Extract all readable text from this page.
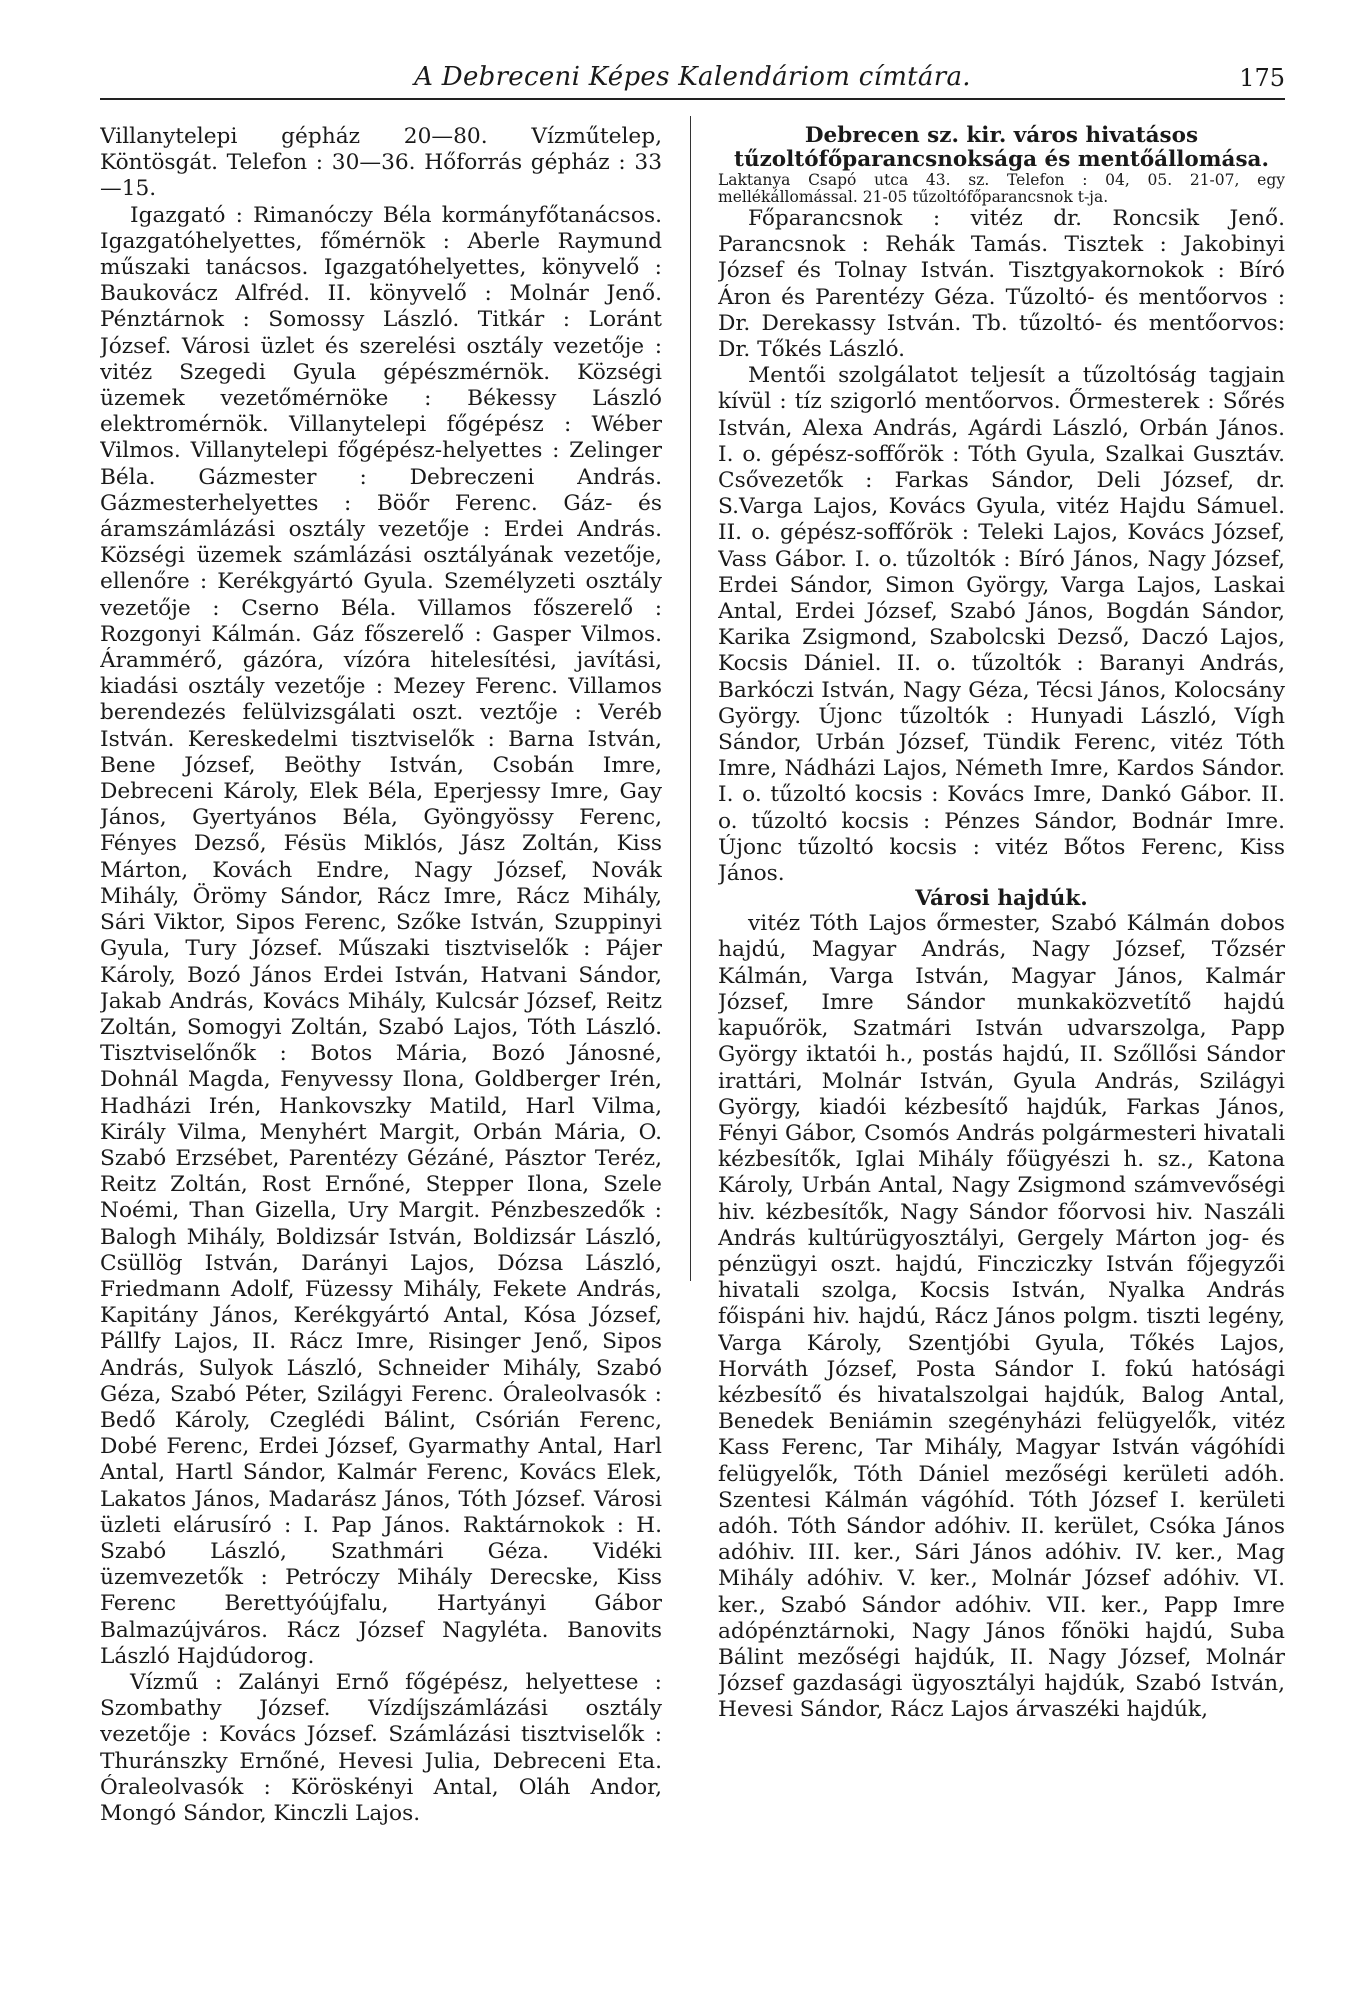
A Debreceni Képes Kalendáriom címtára.	175

Villanytelepi gépház 20—80. Vízműtelep, Köntösgát. Telefon : 30—36. Hőforrás gépház : 33—15.

Igazgató : Rimanóczy Béla kormányfőtanácsos. Igazgatóhelyettes, főmérnök : Aberle Raymund műszaki tanácsos. Igazgatóhelyettes, könyvelő : Baukovácz Alfréd. II. könyvelő : Molnár Jenő. Pénztárnok : Somossy László. Titkár : Loránt József. Városi üzlet és szerelési osztály vezetője : vitéz Szegedi Gyula gépészmérnök. Községi üzemek vezetőmérnöke : Békessy László elektromérnök. Villanytelepi főgépész : Wéber Vilmos. Villanytelepi főgépész-helyettes : Zelinger Béla. Gázmester : Debreczeni András. Gázmesterhelyettes : Böőr Ferenc. Gáz- és áramszámlázási osztály vezetője : Erdei András. Községi üzemek számlázási osztályának vezetője, ellenőre : Kerékgyártó Gyula. Személyzeti osztály vezetője : Cserno Béla. Villamos főszerelő : Rozgonyi Kálmán. Gáz főszerelő : Gasper Vilmos. Árammérő, gázóra, vízóra hitelesítési, javítási, kiadási osztály vezetője : Mezey Ferenc. Villamos berendezés felülvizsgálati oszt. veztője : Veréb István. Kereskedelmi tisztviselők : Barna István, Bene József, Beöthy István, Csobán Imre, Debreceni Károly, Elek Béla, Eperjessy Imre, Gay János, Gyertyános Béla, Gyöngyössy Ferenc, Fényes Dezső, Fésüs Miklós, Jász Zoltán, Kiss Márton, Kovách Endre, Nagy József, Novák Mihály, Örömy Sándor, Rácz Imre, Rácz Mihály, Sári Viktor, Sipos Ferenc, Szőke István, Szuppinyi Gyula, Tury József. Műszaki tisztviselők : Pájer Károly, Bozó János Erdei István, Hatvani Sándor, Jakab András, Kovács Mihály, Kulcsár József, Reitz Zoltán, Somogyi Zoltán, Szabó Lajos, Tóth László. Tisztviselőnők : Botos Mária, Bozó Jánosné, Dohnál Magda, Fenyvessy Ilona, Goldberger Irén, Hadházi Irén, Hankovszky Matild, Harl Vilma, Király Vilma, Menyhért Margit, Orbán Mária, O. Szabó Erzsébet, Parentézy Gézáné, Pásztor Teréz, Reitz Zoltán, Rost Ernőné, Stepper Ilona, Szele Noémi, Than Gizella, Ury Margit. Pénzbeszedők : Balogh Mihály, Boldizsár István, Boldizsár László, Csüllög István, Darányi Lajos, Dózsa László, Friedmann Adolf, Füzessy Mihály, Fekete András, Kapitány János, Kerékgyártó Antal, Kósa József, Pállfy Lajos, II. Rácz Imre, Risinger Jenő, Sipos András, Sulyok László, Schneider Mihály, Szabó Géza, Szabó Péter, Szilágyi Ferenc. Óraleolvasók : Bedő Károly, Czeglédi Bálint, Csórián Ferenc, Dobé Ferenc, Erdei József, Gyarmathy Antal, Harl Antal, Hartl Sándor, Kalmár Ferenc, Kovács Elek, Lakatos János, Madarász János, Tóth József. Városi üzleti elárusíró : I. Pap János. Raktárnokok : H. Szabó László, Szathmári Géza. Vidéki üzemvezetők : Petróczy Mihály Derecske, Kiss Ferenc Berettyóújfalu, Hartyányi Gábor Balmazújváros. Rácz József Nagyléta. Banovits László Hajdúdorog.

Vízmű : Zalányi Ernő főgépész, helyettese : Szombathy József. Vízdíjszámlázási osztály vezetője : Kovács József. Számlázási tisztviselők : Thuránszky Ernőné, Hevesi Julia, Debreceni Eta. Óraleolvasók : Köröskényi Antal, Oláh Andor, Mongó Sándor, Kinczli Lajos.

Debrecen sz. kir. város hivatásos tűzoltófőparancsnoksága és mentőállomása.

Laktanya Csapó utca 43. sz. Telefon : 04, 05. 21-07, egy mellékállomással. 21-05 tűzoltófőparancsnok t-ja.

Főparancsnok : vitéz dr. Roncsik Jenő. Parancsnok : Rehák Tamás. Tisztek : Jakobinyi József és Tolnay István. Tisztgyakornokok : Bíró Áron és Parentézy Géza. Tűzoltó- és mentőorvos : Dr. Derekassy István. Tb. tűzoltó- és mentőorvos: Dr. Tőkés László.

Mentői szolgálatot teljesít a tűzoltóság tagjain kívül : tíz szigorló mentőorvos. Őrmesterek : Sőrés István, Alexa András, Agárdi László, Orbán János. I. o. gépész-soffőrök : Tóth Gyula, Szalkai Gusztáv. Csővezetők : Farkas Sándor, Deli József, dr. S.Varga Lajos, Kovács Gyula, vitéz Hajdu Sámuel. II. o. gépész-soffőrök : Teleki Lajos, Kovács József, Vass Gábor. I. o. tűzoltók : Bíró János, Nagy József, Erdei Sándor, Simon György, Varga Lajos, Laskai Antal, Erdei József, Szabó János, Bogdán Sándor, Karika Zsigmond, Szabolcski Dezső, Daczó Lajos, Kocsis Dániel. II. o. tűzoltók : Baranyi András, Barkóczi István, Nagy Géza, Técsi János, Kolocsány György. Újonc tűzoltók : Hunyadi László, Vígh Sándor, Urbán József, Tündik Ferenc, vitéz Tóth Imre, Nádházi Lajos, Németh Imre, Kardos Sándor. I. o. tűzoltó kocsis : Kovács Imre, Dankó Gábor. II. o. tűzoltó kocsis : Pénzes Sándor, Bodnár Imre. Újonc tűzoltó kocsis : vitéz Bőtos Ferenc, Kiss János.

Városi hajdúk.

vitéz Tóth Lajos őrmester, Szabó Kálmán dobos hajdú, Magyar András, Nagy József, Tőzsér Kálmán, Varga István, Magyar János, Kalmár József, Imre Sándor munkaközvetítő hajdú kapuőrök, Szatmári István udvarszolga, Papp György iktatói h., postás hajdú, II. Szőllősi Sándor irattári, Molnár István, Gyula András, Szilágyi György, kiadói kézbesítő hajdúk, Farkas János, Fényi Gábor, Csomós András polgármesteri hivatali kézbesítők, Iglai Mihály főügyészi h. sz., Katona Károly, Urbán Antal, Nagy Zsigmond számvevőségi hiv. kézbesítők, Nagy Sándor főorvosi hiv. Naszáli András kultúrügyosztályi, Gergely Márton jog- és pénzügyi oszt. hajdú, Fincziczky István főjegyzői hivatali szolga, Kocsis István, Nyalka András főispáni hiv. hajdú, Rácz János polgm. tiszti legény, Varga Károly, Szentjóbi Gyula, Tőkés Lajos, Horváth József, Posta Sándor I. fokú hatósági kézbesítő és hivatalszolgai hajdúk, Balog Antal, Benedek Beniámin szegényházi felügyelők, vitéz Kass Ferenc, Tar Mihály, Magyar István vágóhídi felügyelők, Tóth Dániel mezőségi kerületi adóh. Szentesi Kálmán vágóhíd. Tóth József I. kerületi adóh. Tóth Sándor adóhiv. II. kerület, Csóka János adóhiv. III. ker., Sári János adóhiv. IV. ker., Mag Mihály adóhiv. V. ker., Molnár József adóhiv. VI. ker., Szabó Sándor adóhiv. VII. ker., Papp Imre adópénztárnoki, Nagy János főnöki hajdú, Suba Bálint mezőségi hajdúk, II. Nagy József, Molnár József gazdasági ügyosztályi hajdúk, Szabó István, Hevesi Sándor, Rácz Lajos árvaszéki hajdúk,
